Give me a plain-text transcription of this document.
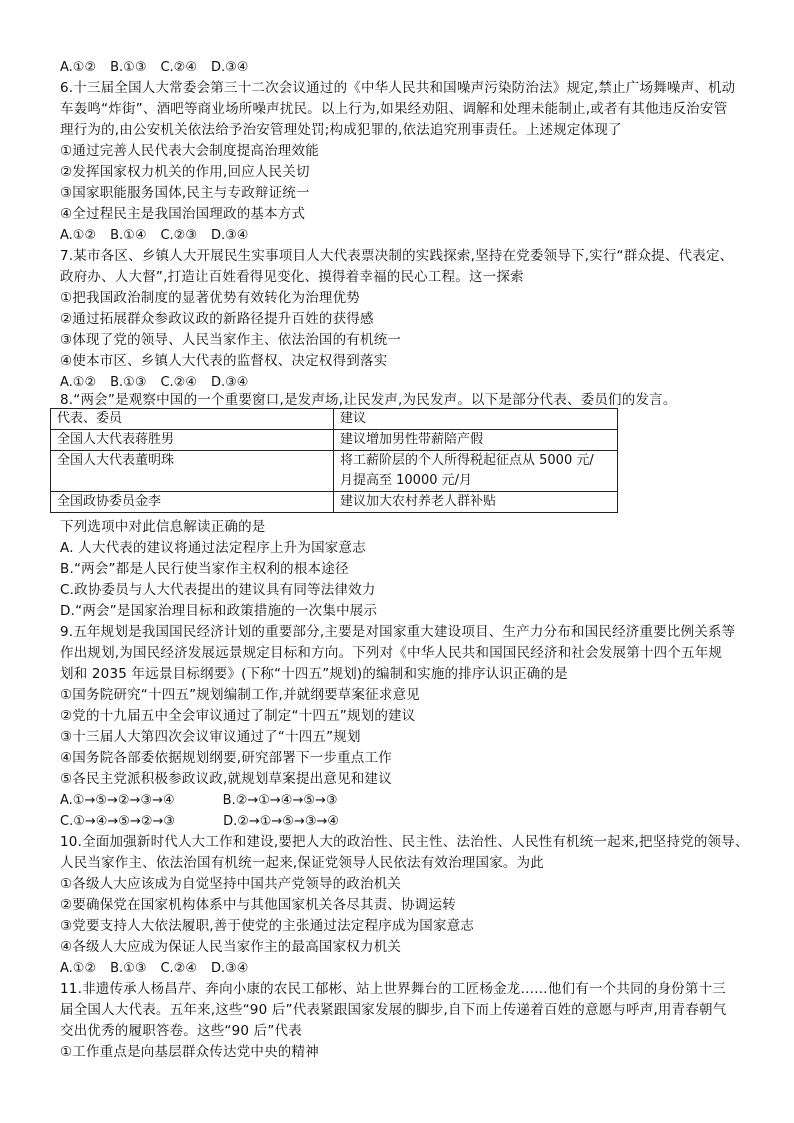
A.①② B.①③ C.②④ D.③④
6.十三届全国人大常委会第三十二次会议通过的《中华人民共和国噪声污染防治法》规定,禁止广场舞噪声、机动
车轰鸣“炸街”、酒吧等商业场所噪声扰民。以上行为,如果经劝阻、调解和处理未能制止,或者有其他违反治安管
理行为的,由公安机关依法给予治安管理处罚;构成犯罪的,依法追究刑事责任。上述规定体现了
①通过完善人民代表大会制度提高治理效能
②发挥国家权力机关的作用,回应人民关切
③国家职能服务国体,民主与专政辩证统一
④全过程民主是我国治国理政的基本方式
A.①② B.①④ C.②③ D.③④
7.某市各区、乡镇人大开展民生实事项目人大代表票决制的实践探索,坚持在党委领导下,实行“群众提、代表定、
政府办、人大督”,打造让百姓看得见变化、摸得着幸福的民心工程。这一探索
①把我国政治制度的显著优势有效转化为治理优势
②通过拓展群众参政议政的新路径提升百姓的获得感
③体现了党的领导、人民当家作主、依法治国的有机统一
④使本市区、乡镇人大代表的监督权、决定权得到落实
A.①② B.①③ C.②④ D.③④
8.“两会”是观察中国的一个重要窗口,是发声场,让民发声,为民发声。以下是部分代表、委员们的发言。
代表、委员	建议
全国人大代表蒋胜男	建议增加男性带薪陪产假
全国人大代表董明珠	将工薪阶层的个人所得税起征点从 5000 元/
月提高至 10000 元/月

全国政协委员金李	建议加大农村养老人群补贴
下列选项中对此信息解读正确的是
A. 人大代表的建议将通过法定程序上升为国家意志
B.“两会”都是人民行使当家作主权利的根本途径
C.政协委员与人大代表提出的建议具有同等法律效力
D.“两会”是国家治理目标和政策措施的一次集中展示
9.五年规划是我国国民经济计划的重要部分,主要是对国家重大建设项目、生产力分布和国民经济重要比例关系等
作出规划,为国民经济发展远景规定目标和方向。下列对《中华人民共和国国民经济和社会发展第十四个五年规
划和 2035 年远景目标纲要》(下称“十四五”规划)的编制和实施的排序认识正确的是
①国务院研究“十四五”规划编制工作,并就纲要草案征求意见
②党的十九届五中全会审议通过了制定“十四五”规划的建议
③十三届人大第四次会议审议通过了“十四五”规划
④国务院各部委依据规划纲要,研究部署下一步重点工作
⑤各民主党派积极参政议政,就规划草案提出意见和建议
A.①→⑤→②→③→④	B.②→①→④→⑤→③
C.①→④→⑤→②→③	D.②→①→⑤→③→④
10.全面加强新时代人大工作和建设,要把人大的政治性、民主性、法治性、人民性有机统一起来,把坚持党的领导、
人民当家作主、依法治国有机统一起来,保证党领导人民依法有效治理国家。为此
①各级人大应该成为自觉坚持中国共产党领导的政治机关
②要确保党在国家机构体系中与其他国家机关各尽其责、协调运转
③党要支持人大依法履职,善于使党的主张通过法定程序成为国家意志
④各级人大应成为保证人民当家作主的最高国家权力机关
A.①② B.①③ C.②④ D.③④
11.非遗传承人杨昌芹、奔向小康的农民工郁彬、站上世界舞台的工匠杨金龙……他们有一个共同的身份第十三
届全国人大代表。五年来,这些“90 后”代表紧跟国家发展的脚步,自下而上传递着百姓的意愿与呼声,用青春朝气
交出优秀的履职答卷。这些“90 后”代表
①工作重点是向基层群众传达党中央的精神
